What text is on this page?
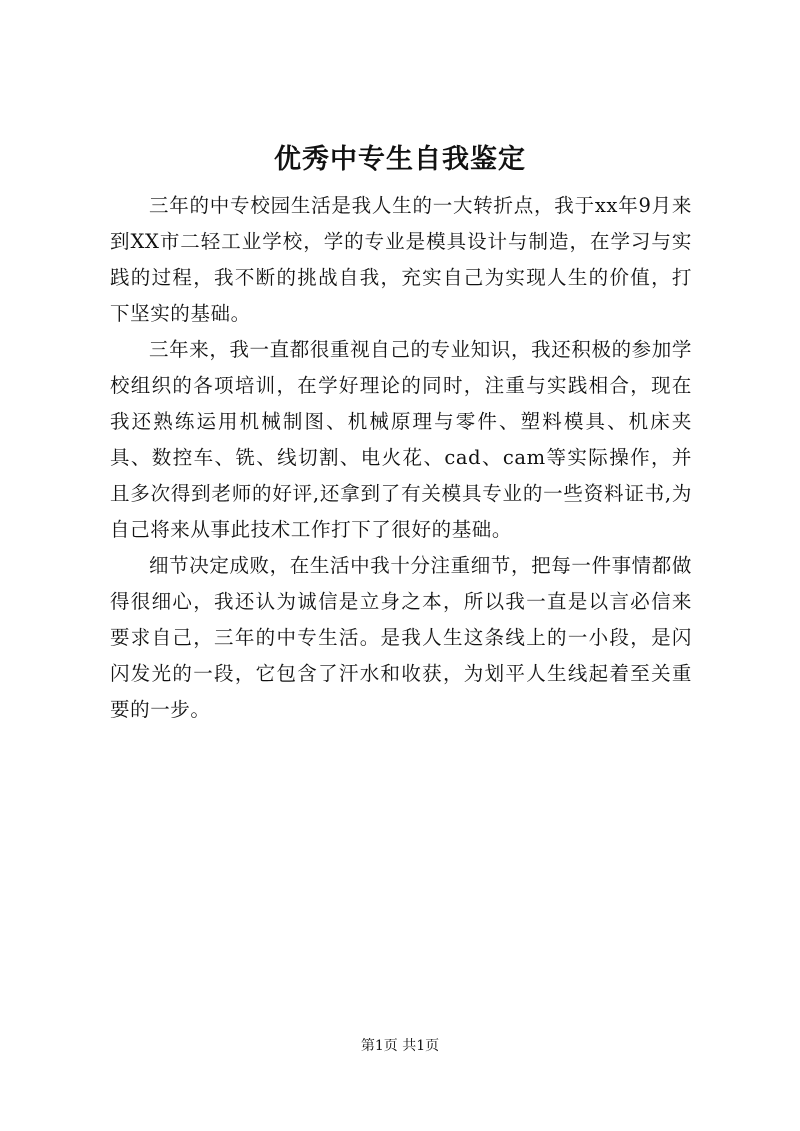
优秀中专生自我鉴定

三年的中专校园生活是我人生的一大转折点，我于xx年9月来到XX市二轻工业学校，学的专业是模具设计与制造，在学习与实践的过程，我不断的挑战自我，充实自己为实现人生的价值，打下坚实的基础。

三年来，我一直都很重视自己的专业知识，我还积极的参加学校组织的各项培训，在学好理论的同时，注重与实践相合，现在我还熟练运用机械制图、机械原理与零件、塑料模具、机床夹具、数控车、铣、线切割、电火花、cad、cam等实际操作，并且多次得到老师的好评,还拿到了有关模具专业的一些资料证书,为自己将来从事此技术工作打下了很好的基础。

细节决定成败，在生活中我十分注重细节，把每一件事情都做得很细心，我还认为诚信是立身之本，所以我一直是以言必信来要求自己，三年的中专生活。是我人生这条线上的一小段，是闪闪发光的一段，它包含了汗水和收获，为划平人生线起着至关重要的一步。

第1页 共1页
